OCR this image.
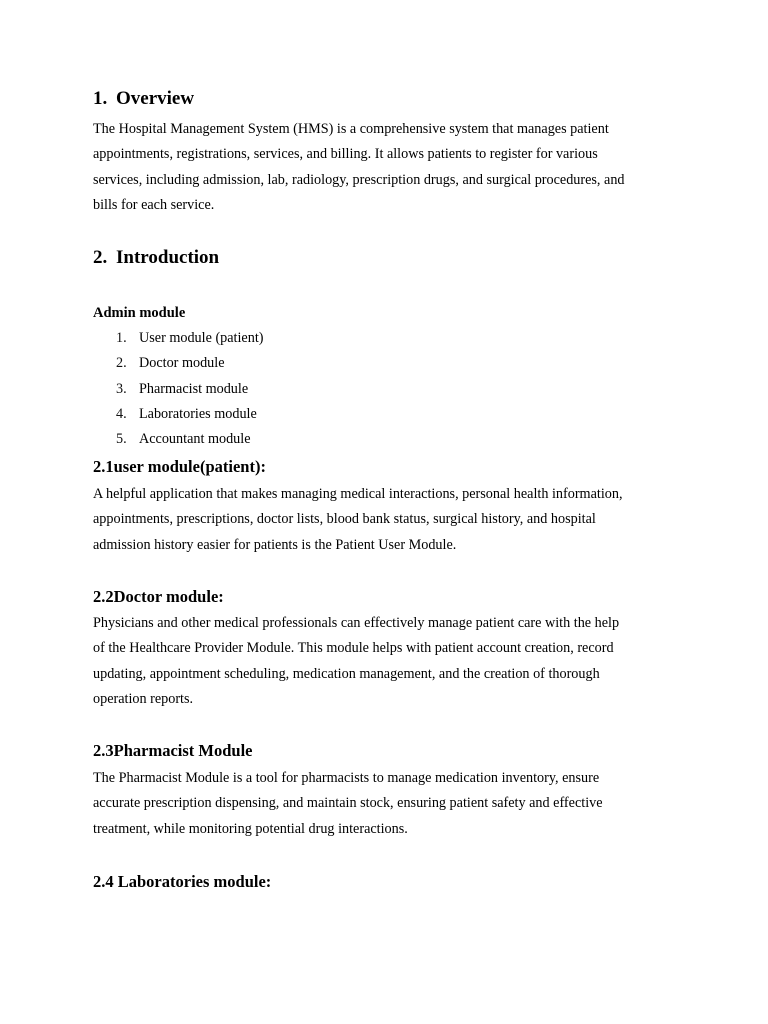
1. Overview
The Hospital Management System (HMS) is a comprehensive system that manages patient
appointments, registrations, services, and billing. It allows patients to register for various
services, including admission, lab, radiology, prescription drugs, and surgical procedures, and
bills for each service.
2. Introduction
Admin module
1. User module (patient)
2. Doctor module
3. Pharmacist module
4. Laboratories module
5. Accountant module
2.1user module(patient):
A helpful application that makes managing medical interactions, personal health information,
appointments, prescriptions, doctor lists, blood bank status, surgical history, and hospital
admission history easier for patients is the Patient User Module.
2.2Doctor module:
Physicians and other medical professionals can effectively manage patient care with the help
of the Healthcare Provider Module. This module helps with patient account creation, record
updating, appointment scheduling, medication management, and the creation of thorough
operation reports.
2.3Pharmacist Module
The Pharmacist Module is a tool for pharmacists to manage medication inventory, ensure
accurate prescription dispensing, and maintain stock, ensuring patient safety and effective
treatment, while monitoring potential drug interactions.
2.4 Laboratories module:
